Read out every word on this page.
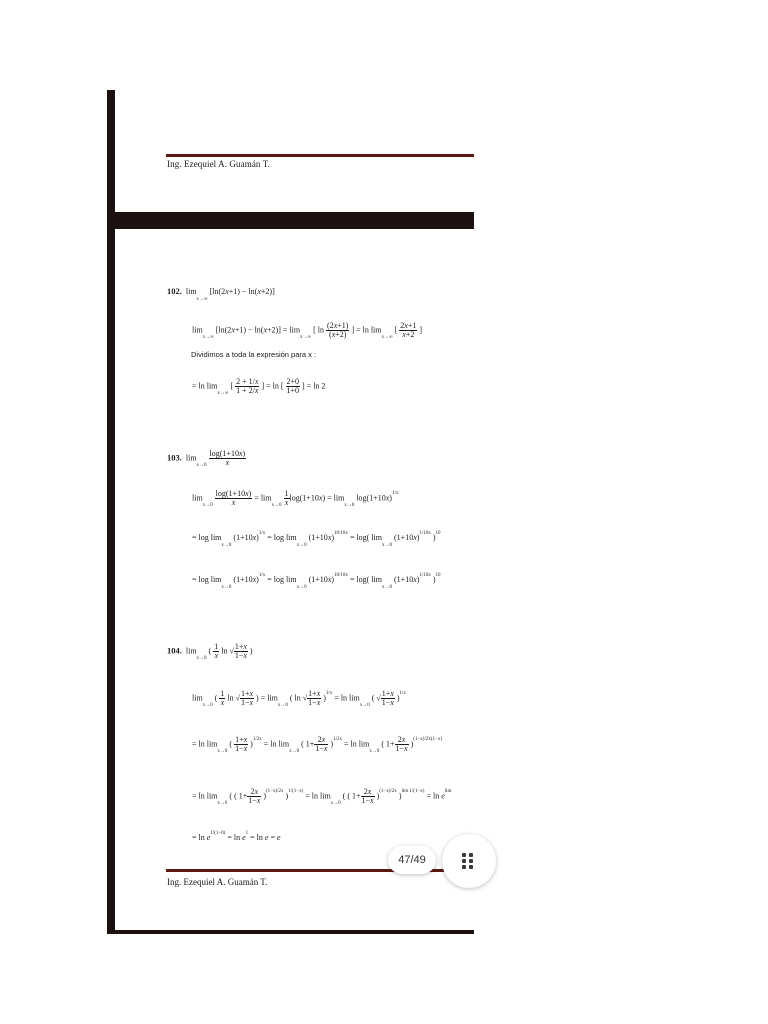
Ing. Ezequiel A. Guamán T.
102.  $\lim_{x\to\infty} [\ln(2x+1) - \ln(x+2)]$
$\lim_{x\to\infty} [\ln(2x+1) - \ln(x+2)] = \lim_{x\to\infty}$ [ $\ln \frac{(2x+1)}{(x+2)}$ ] = $\ln \lim_{x\to\infty}$ [ $\frac{2x+1}{x+2}$ ]
Dividimos a toda la expresión para x :
= $\ln \lim_{x\to\infty}$ [ $\frac{2 + 1/x}{1 + 2/x}$ ] = ln [ $\frac{2+0}{1+0}$ ] = ln 2
103.  $\lim_{x\to 0} \frac{\log(1+10x)}{x}$
$\lim_{x\to 0} \frac{\log(1+10x)}{x} = \lim_{x\to 0} \frac{1}{x} \log(1+10x) = \lim_{x\to 0} \log(1+10x)^{1/x}$
= $\log \lim_{x\to 0} (1+10x)^{1/x} = \log \lim_{x\to 0} (1+10x)^{10/10x} = \log$( $\lim_{x\to 0} (1+10x)^{1/10x}$ )$^{10}$
= $\log \lim_{x\to 0} (1+10x)^{1/x} = \log \lim_{x\to 0} (1+10x)^{10/10x} = \log$( $\lim_{x\to 0} (1+10x)^{1/10x}$ )$^{10}$
104.  $\lim_{x\to 0}$ ( $\frac{1}{x}$ ln √ $\frac{1+x}{1-x}$ )
$\lim_{x\to 0}$ ( $\frac{1}{x}$ ln √ $\frac{1+x}{1-x}$ ) = $\lim_{x\to 0}$ ( ln √ $\frac{1+x}{1-x} )^{1/x} = \ln \lim_{x\to 0}$ ( √ $\frac{1+x}{1-x} )^{1/x}$
= $\ln \lim_{x\to 0}$ ( $\frac{1+x}{1-x} )^{1/2x} = \ln \lim_{x\to 0}$ ( $1+ \frac{2x}{1-x} )^{1/2x} = \ln \lim_{x\to 0}$ ( $1+ \frac{2x}{1-x} )^{(1-x)/2x(1-x)}$
= $\ln \lim_{x\to 0}$ ( ( $1+ \frac{2x}{1-x} )^{(1-x)/2x}$ )$^{1/(1-x)} = \ln \lim_{x\to 0}$ ( ( $1+ \frac{2x}{1-x} )^{(1-x)/2x}$ )$^{lim 1/(1-x)} = \ln e^{lim}$
= $\ln e^{1/(1-0)} = \ln e^1 = \ln e = e$
Ing. Ezequiel A. Guamán T.
47/49
